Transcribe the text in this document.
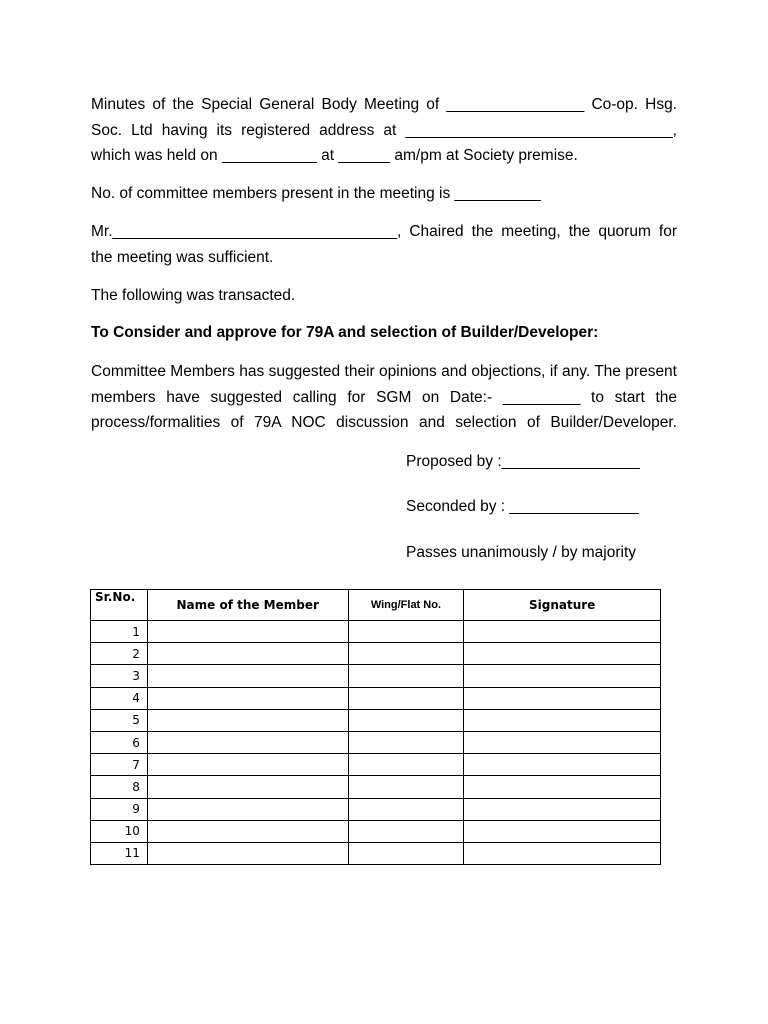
Minutes of the Special General Body Meeting of ________________ Co-op. Hsg. Soc. Ltd having its registered address at _______________________________, which was held on ___________ at ______ am/pm at Society premise.

No. of committee members present in the meeting is __________

Mr._________________________________, Chaired the meeting, the quorum for the meeting was sufficient.

The following was transacted.

To Consider and approve for 79A and selection of Builder/Developer:

Committee Members has suggested their opinions and objections, if any. The present members have suggested calling for SGM on Date:- _________ to start the process/formalities of 79A NOC discussion and selection of Builder/Developer.

Proposed by :________________

Seconded by : _______________

Passes unanimously / by majority

Sr.No.	Name of the Member	Wing/Flat No.	Signature
1			
2			
3			
4			
5			
6			
7			
8			
9			
10			
11			
